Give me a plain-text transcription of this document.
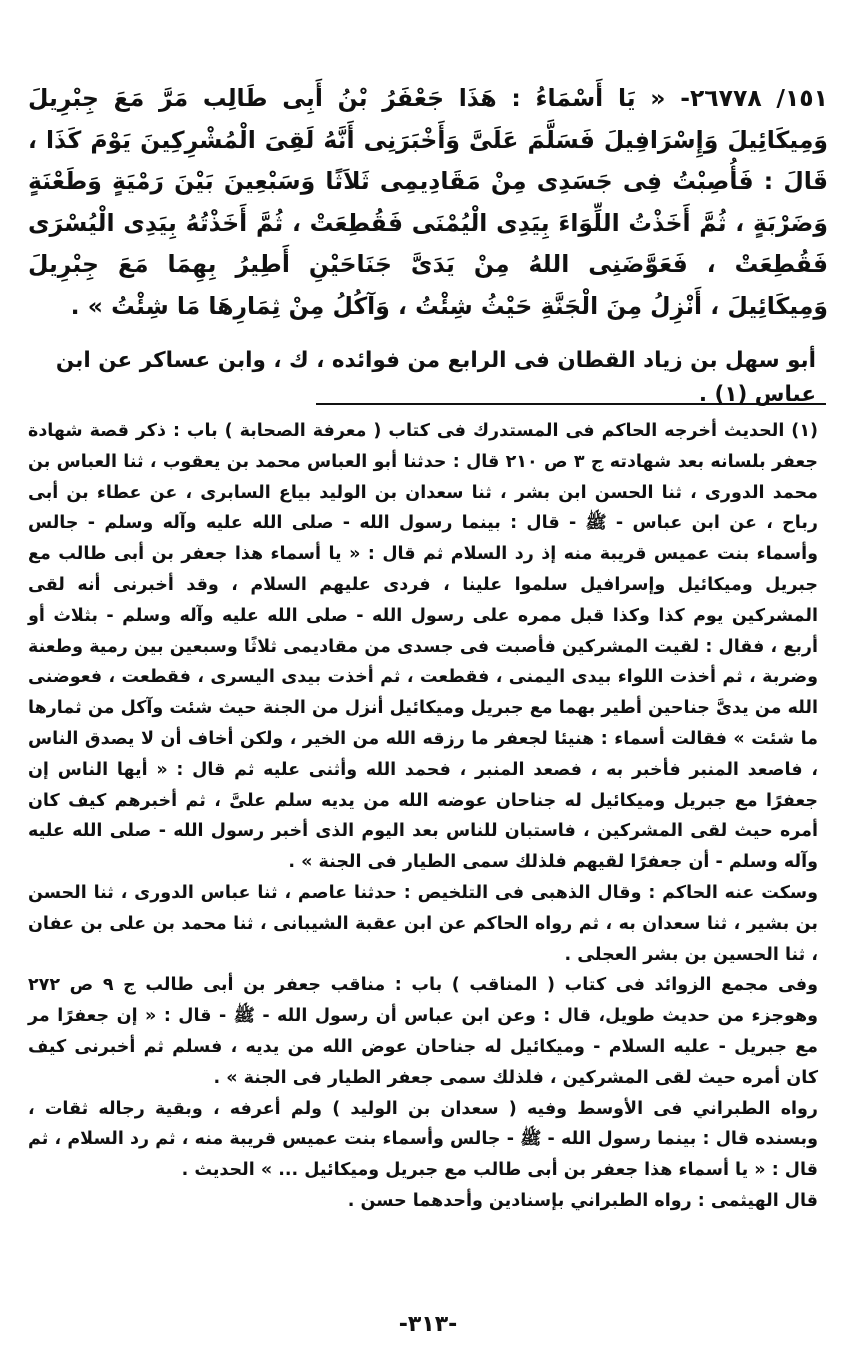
١٥١/ ٢٦٧٧٨- « يَا أَسْمَاءُ : هَذَا جَعْفَرُ بْنُ أَبِى طَالِب مَرَّ مَعَ جِبْرِيلَ وَمِيكَائِيلَ وَإِسْرَافِيلَ فَسَلَّمَ عَلَىَّ وَأَخْبَرَنِى أَنَّهُ لَقِىَ الْمُشْرِكِينَ يَوْمَ كَذَا ، قَالَ : فَأُصِبْتُ فِى جَسَدِى مِنْ مَقَادِيمِى ثَلاَثًا وَسَبْعِينَ بَيْنَ رَمْيَةٍ وَطَعْنَةٍ وَضَرْبَةٍ ، ثُمَّ أَخَذْتُ اللِّوَاءَ بِيَدِى الْيُمْنَى فَقُطِعَتْ ، ثُمَّ أَخَذْتُهُ بِيَدِى الْيُسْرَى فَقُطِعَتْ ، فَعَوَّضَنِى اللهُ مِنْ يَدَىَّ جَنَاحَيْنِ أَطِيرُ بِهِمَا مَعَ جِبْرِيلَ وَمِيكَائِيلَ ، أَنْزِلُ مِنَ الْجَنَّةِ حَيْثُ شِئْتُ ، وَآكُلُ مِنْ ثِمَارِهَا مَا شِئْتُ » .

أبو سهل بن زياد القطان فى الرابع من فوائده ، ك ، وابن عساكر عن ابن عباس (١) .

(١) الحديث أخرجه الحاكم فى المستدرك فى كتاب ( معرفة الصحابة ) باب : ذكر قصة شهادة جعفر بلسانه بعد شهادته ج ٣ ص ٢١٠ قال : حدثنا أبو العباس محمد بن يعقوب ، ثنا العباس بن محمد الدورى ، ثنا الحسن ابن بشر ، ثنا سعدان بن الوليد بياع السابرى ، عن عطاء بن أبى رباح ، عن ابن عباس - ﷺ - قال : بينما رسول الله - صلى الله عليه وآله وسلم - جالس وأسماء بنت عميس قريبة منه إذ رد السلام ثم قال : « يا أسماء هذا جعفر بن أبى طالب مع جبريل وميكائيل وإسرافيل سلموا علينا ، فردى عليهم السلام ، وقد أخبرنى أنه لقى المشركين يوم كذا وكذا قبل ممره على رسول الله - صلى الله عليه وآله وسلم - بثلاث أو أربع ، فقال : لقيت المشركين فأصبت فى جسدى من مقاديمى ثلاثًا وسبعين بين رمية وطعنة وضربة ، ثم أخذت اللواء بيدى اليمنى ، فقطعت ، ثم أخذت بيدى اليسرى ، فقطعت ، فعوضنى الله من يدىَّ جناحين أطير بهما مع جبريل وميكائيل أنزل من الجنة حيث شئت وآكل من ثمارها ما شئت » فقالت أسماء : هنيئا لجعفر ما رزقه الله من الخير ، ولكن أخاف أن لا يصدق الناس ، فاصعد المنبر فأخبر به ، فصعد المنبر ، فحمد الله وأثنى عليه ثم قال : « أيها الناس إن جعفرًا مع جبريل وميكائيل له جناحان عوضه الله من يديه سلم علىَّ ، ثم أخبرهم كيف كان أمره حيث لقى المشركين ، فاستبان للناس بعد اليوم الذى أخبر رسول الله - صلى الله عليه وآله وسلم - أن جعفرًا لقيهم فلذلك سمى الطيار فى الجنة » .

وسكت عنه الحاكم : وقال الذهبى فى التلخيص : حدثنا عاصم ، ثنا عباس الدورى ، ثنا الحسن بن بشير ، ثنا سعدان به ، ثم رواه الحاكم عن ابن عقبة الشيبانى ، ثنا محمد بن على بن عفان ، ثنا الحسين بن بشر العجلى .

وفى مجمع الزوائد فى كتاب ( المناقب ) باب : مناقب جعفر بن أبى طالب ج ٩ ص ٢٧٢ وهوجزء من حديث طويل، قال : وعن ابن عباس أن رسول الله - ﷺ - قال : « إن جعفرًا مر مع جبريل - عليه السلام - وميكائيل له جناحان عوض الله من يديه ، فسلم ثم أخبرنى كيف كان أمره حيث لقى المشركين ، فلذلك سمى جعفر الطيار فى الجنة » .

رواه الطبراني فى الأوسط وفيه ( سعدان بن الوليد ) ولم أعرفه ، وبقية رجاله ثقات ، وبسنده قال : بينما رسول الله - ﷺ - جالس وأسماء بنت عميس قريبة منه ، ثم رد السلام ، ثم قال : « يا أسماء هذا جعفر بن أبى طالب مع جبريل وميكائيل ... » الحديث .

قال الهيثمى : رواه الطبراني بإسنادين وأحدهما حسن .

-٣١٣-
